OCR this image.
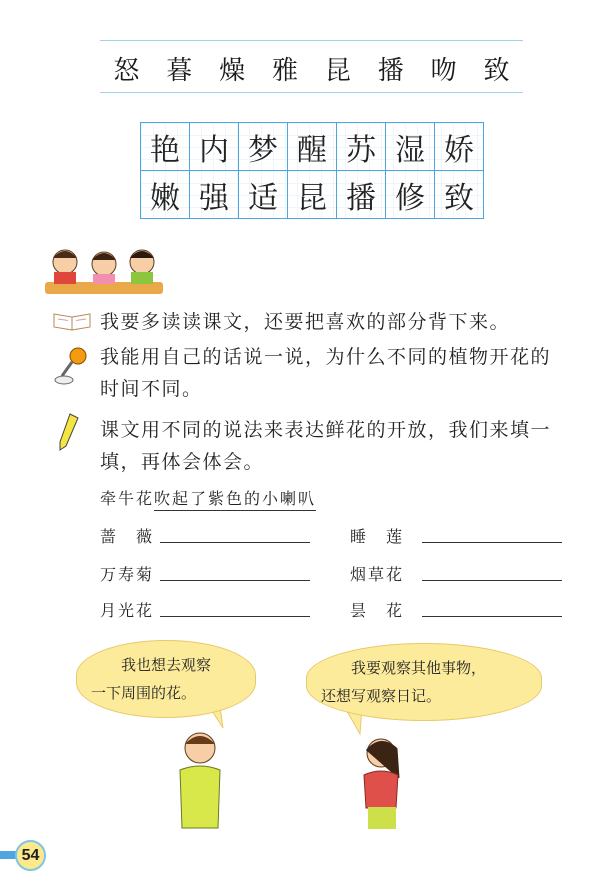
怒 暮 燥 雅 昆 播 吻 致
艳 内 梦 醒 苏 湿 娇
嫩 强 适 昆 播 修 致
我要多读读课文，还要把喜欢的部分背下来。
我能用自己的话说一说，为什么不同的植物开花的
时间不同。
课文用不同的说法来表达鲜花的开放，我们来填一
填，再体会体会。
牵牛花吹起了紫色的小喇叭
蔷　薇	睡　莲
万寿菊	烟草花
月光花	昙　花
　　我也想去观察
一下周围的花。
　　我要观察其他事物，
还想写观察日记。
54
